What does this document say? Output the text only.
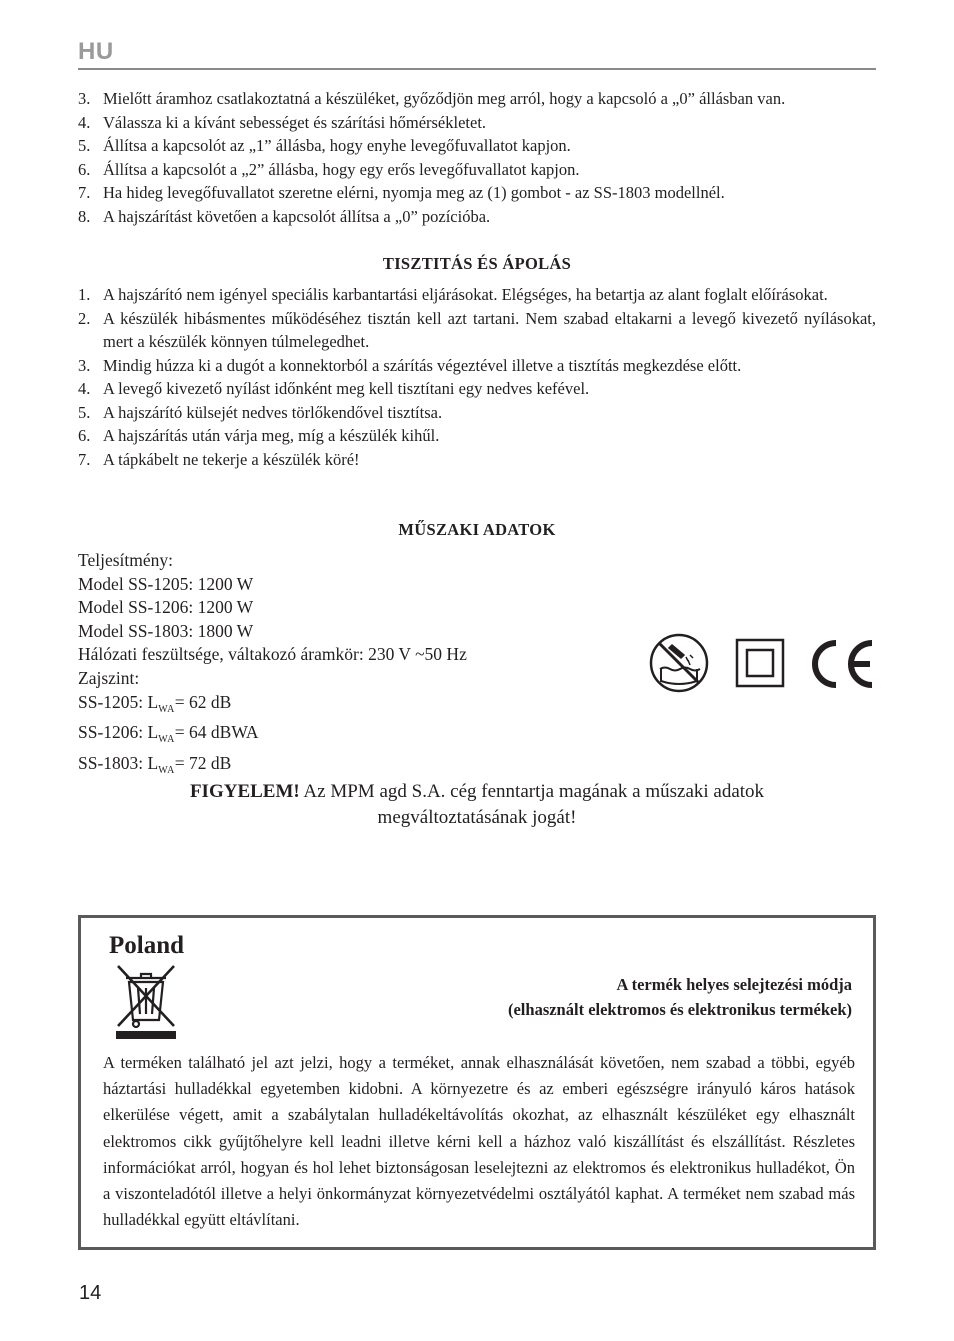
HU
3. Mielőtt áramhoz csatlakoztatná a készüléket, győződjön meg arról, hogy a kapcsoló a „0” állásban van.
4. Válassza ki a kívánt sebességet és szárítási hőmérsékletet.
5. Állítsa a kapcsolót az „1” állásba, hogy enyhe levegőfuvallatot kapjon.
6. Állítsa a kapcsolót a „2” állásba, hogy egy erős levegőfuvallatot kapjon.
7. Ha hideg levegőfuvallatot szeretne elérni, nyomja meg az (1) gombot - az SS-1803 modellnél.
8. A hajszárítást követően a kapcsolót állítsa a „0” pozícióba.
TISZTITÁS ÉS ÁPOLÁS
1. A hajszárító nem igényel speciális karbantartási eljárásokat. Elégséges, ha betartja az alant foglalt előírásokat.
2. A készülék hibásmentes működéséhez tisztán kell azt tartani. Nem szabad eltakarni a levegő kivezető nyílásokat, mert a készülék könnyen túlmelegedhet.
3. Mindig húzza ki a dugót a konnektorból a szárítás végeztével illetve a tisztítás megkezdése előtt.
4. A levegő kivezető nyílást időnként meg kell tisztítani egy nedves kefével.
5. A hajszárító külsejét nedves törlőkendővel tisztítsa.
6. A hajszárítás után várja meg, míg a készülék kihűl.
7. A tápkábelt ne tekerje a készülék köré!
MŰSZAKI ADATOK
Teljesítmény:
Model SS-1205: 1200 W
Model SS-1206: 1200 W
Model SS-1803: 1800 W
Hálózati feszültsége, váltakozó áramkör: 230 V ~50 Hz
Zajszint:
SS-1205: $L_{WA}= 62$ dB
SS-1206: $L_{WA}= 64$ dBWA
SS-1803: $L_{WA}= 72$ dB
FIGYELEM! Az MPM agd S.A. cég fenntartja magának a műszaki adatok
megváltoztatásának jogát!
Poland
A termék helyes selejtezési módja
(elhasznált elektromos és elektronikus termékek)
A terméken található jel azt jelzi, hogy a terméket, annak elhasználását követően, nem szabad a többi, egyéb háztartási hulladékkal egyetemben kidobni. A környezetre és az emberi egészségre irányuló káros hatások elkerülése végett, amit a szabálytalan hulladékeltávolítás okozhat, az elhasznált készüléket egy elhasznált elektromos cikk gyűjtőhelyre kell leadni illetve kérni kell a házhoz való kiszállítást és elszállítást. Részletes információkat arról, hogyan és hol lehet biztonságosan leselejtezni az elektromos és elektronikus hulladékot, Ön a viszonteladótól illetve a helyi önkormányzat környezetvédelmi osztályától kaphat. A terméket nem szabad más hulladékkal együtt eltávlítani.
14
